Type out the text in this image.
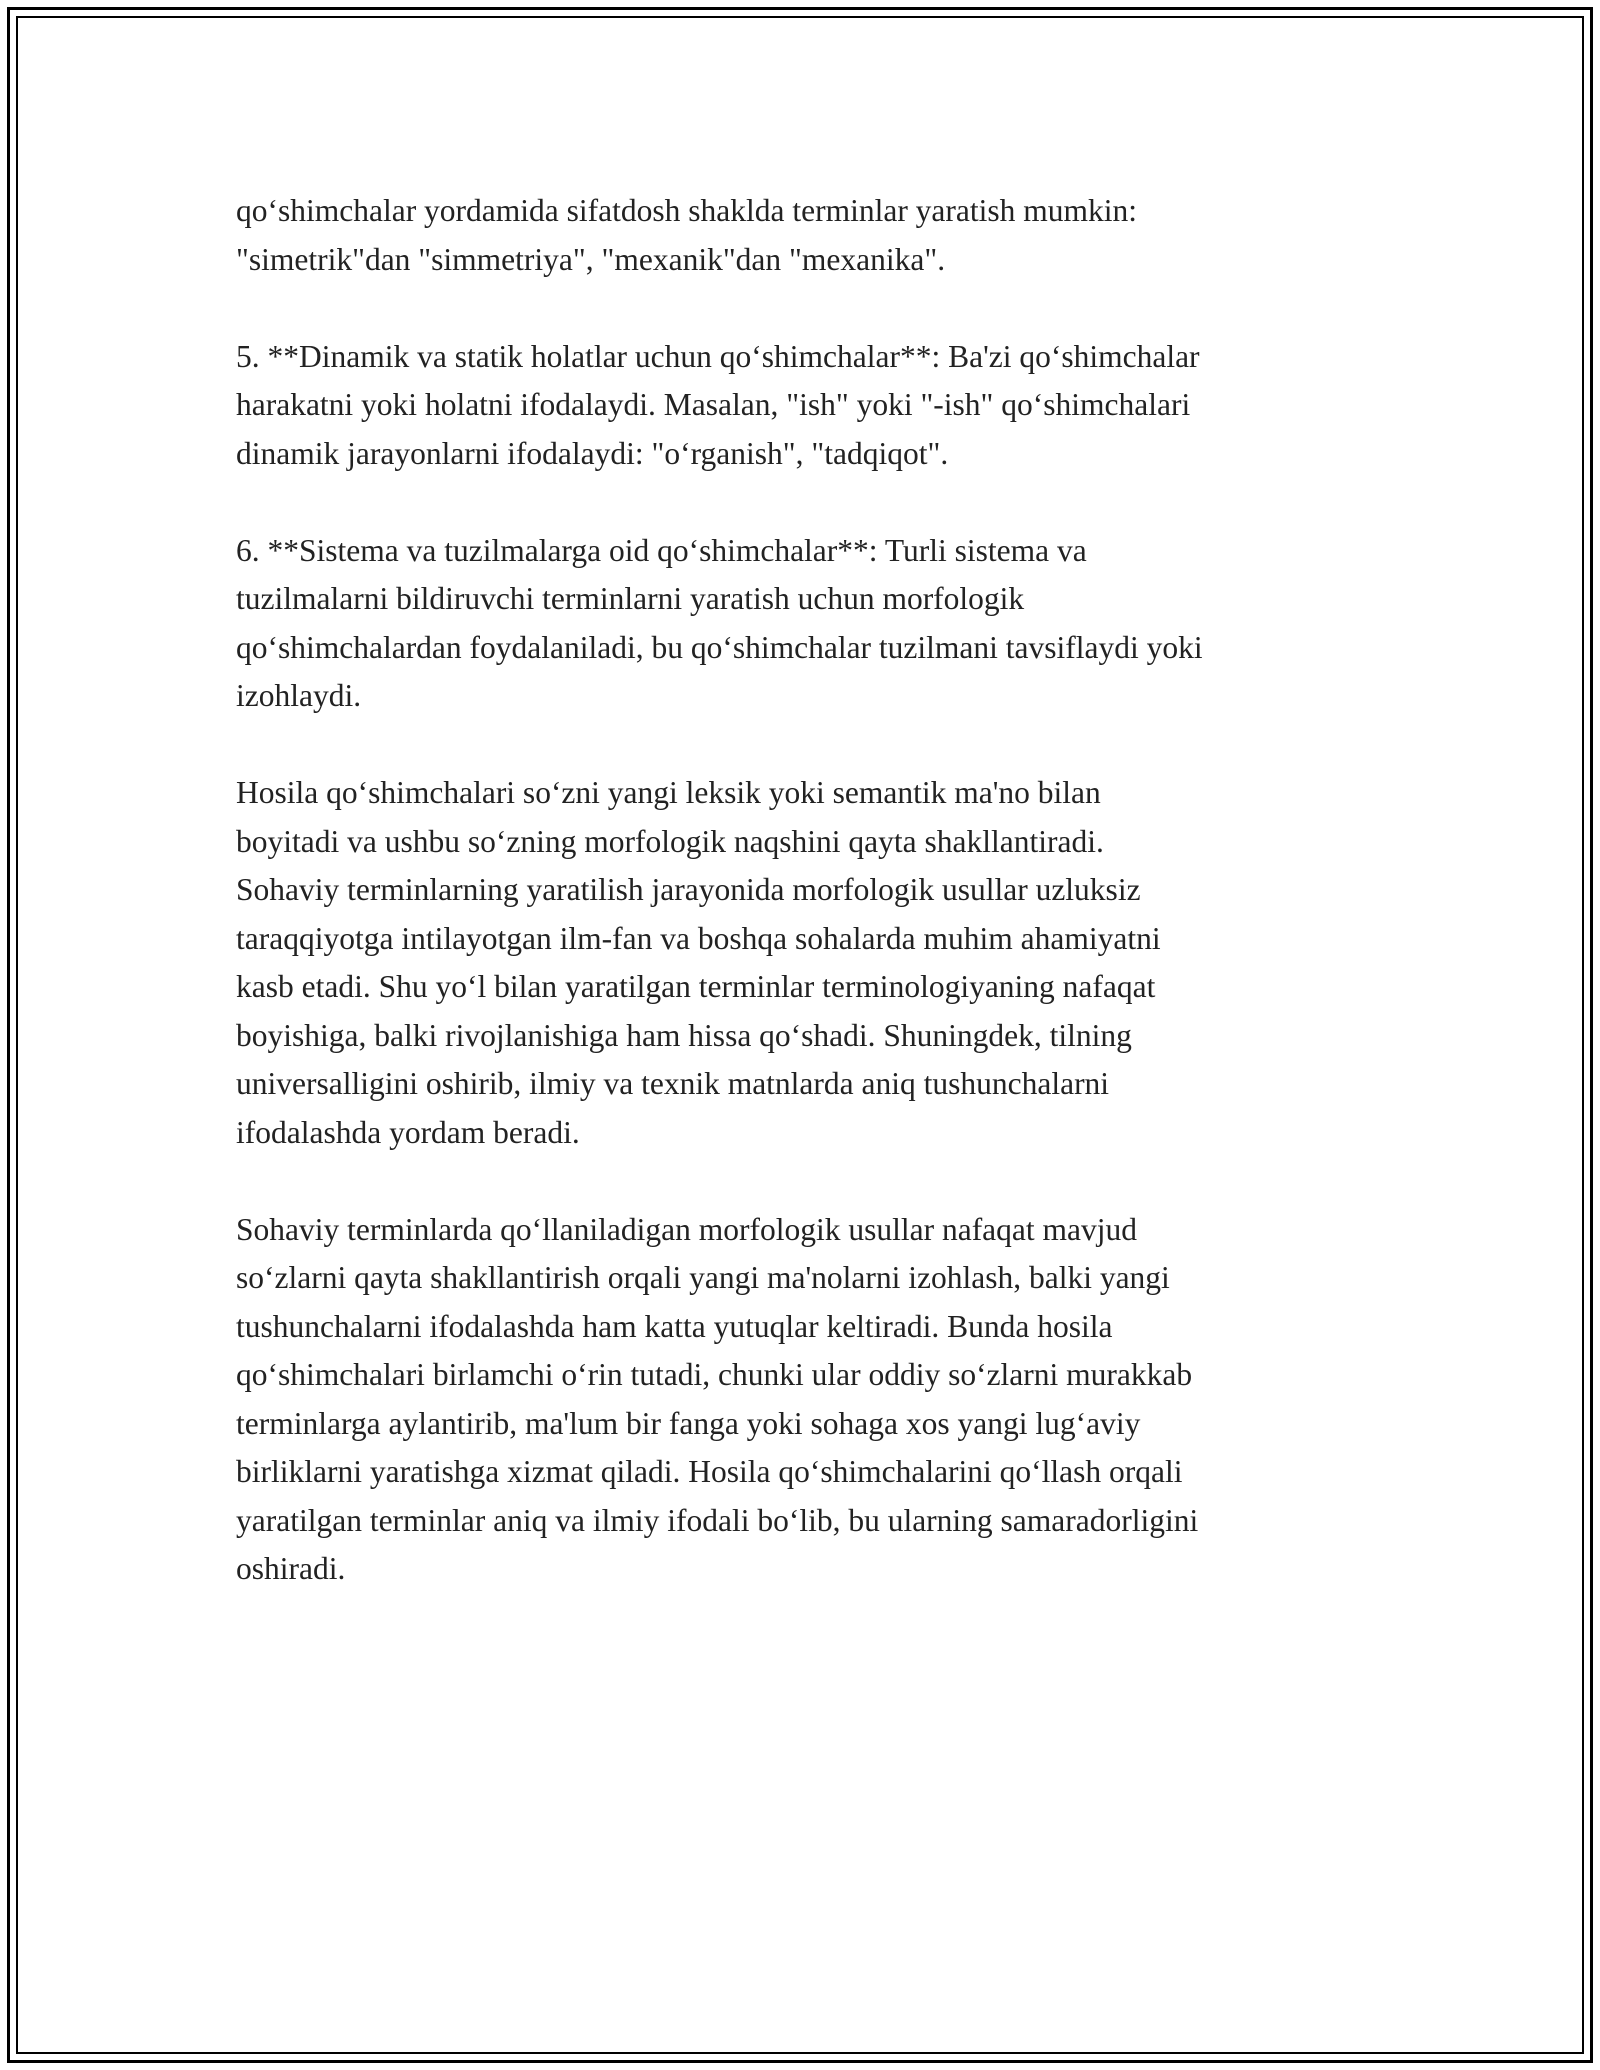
qo‘shimchalar yordamida sifatdosh shaklda terminlar yaratish mumkin:
"simetrik"dan "simmetriya", "mexanik"dan "mexanika".

5. **Dinamik va statik holatlar uchun qo‘shimchalar**: Ba'zi qo‘shimchalar
harakatni yoki holatni ifodalaydi. Masalan, "ish" yoki "-ish" qo‘shimchalari
dinamik jarayonlarni ifodalaydi: "o‘rganish", "tadqiqot".

6. **Sistema va tuzilmalarga oid qo‘shimchalar**: Turli sistema va
tuzilmalarni bildiruvchi terminlarni yaratish uchun morfologik
qo‘shimchalardan foydalaniladi, bu qo‘shimchalar tuzilmani tavsiflaydi yoki
izohlaydi.

Hosila qo‘shimchalari so‘zni yangi leksik yoki semantik ma'no bilan
boyitadi va ushbu so‘zning morfologik naqshini qayta shakllantiradi.
Sohaviy terminlarning yaratilish jarayonida morfologik usullar uzluksiz
taraqqiyotga intilayotgan ilm-fan va boshqa sohalarda muhim ahamiyatni
kasb etadi. Shu yo‘l bilan yaratilgan terminlar terminologiyaning nafaqat
boyishiga, balki rivojlanishiga ham hissa qo‘shadi. Shuningdek, tilning
universalligini oshirib, ilmiy va texnik matnlarda aniq tushunchalarni
ifodalashda yordam beradi.

Sohaviy terminlarda qo‘llaniladigan morfologik usullar nafaqat mavjud
so‘zlarni qayta shakllantirish orqali yangi ma'nolarni izohlash, balki yangi
tushunchalarni ifodalashda ham katta yutuqlar keltiradi. Bunda hosila
qo‘shimchalari birlamchi o‘rin tutadi, chunki ular oddiy so‘zlarni murakkab
terminlarga aylantirib, ma'lum bir fanga yoki sohaga xos yangi lug‘aviy
birliklarni yaratishga xizmat qiladi. Hosila qo‘shimchalarini qo‘llash orqali
yaratilgan terminlar aniq va ilmiy ifodali bo‘lib, bu ularning samaradorligini
oshiradi.
